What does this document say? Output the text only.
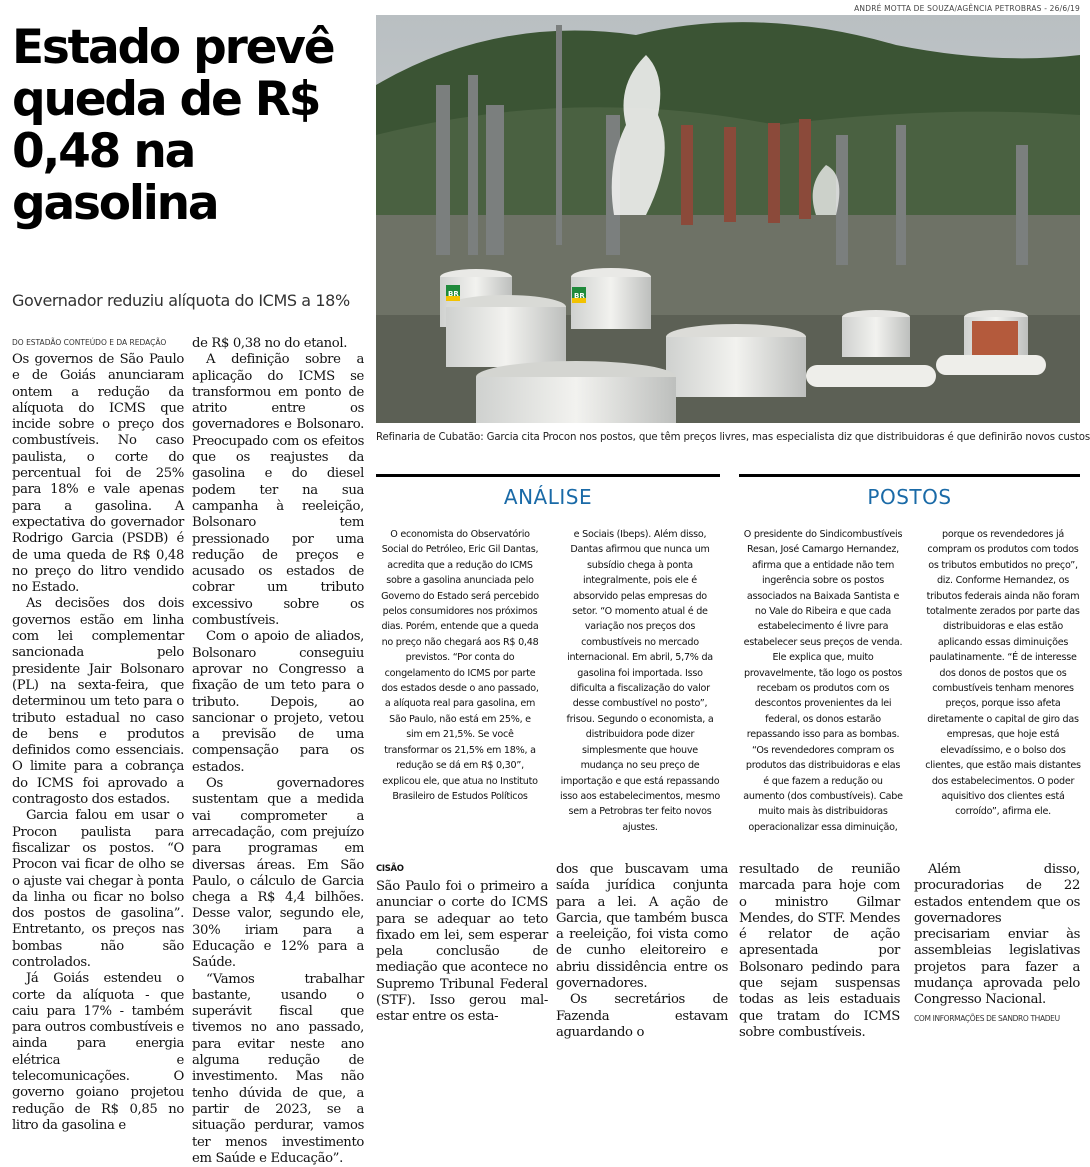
Estado prevê queda de R$ 0,48 na gasolina
Governador reduziu alíquota do ICMS a 18%
ANDRÉ MOTTA DE SOUZA/AGÊNCIA PETROBRAS - 26/6/19
BR	BR
Refinaria de Cubatão: Garcia cita Procon nos postos, que têm preços livres, mas especialista diz que distribuidoras é que definirão novos custos
DO ESTADÃO CONTEÚDO E DA REDAÇÃO

Os governos de São Paulo e de Goiás anunciaram ontem a redução da alíquota do ICMS que incide sobre o preço dos combustíveis. No caso paulista, o corte do percentual foi de 25% para 18% e vale apenas para a gasolina. A expectativa do governador Rodrigo Garcia (PSDB) é de uma queda de R$ 0,48 no preço do litro vendido no Estado.

As decisões dos dois governos estão em linha com lei complementar sancionada pelo presidente Jair Bolsonaro (PL) na sexta-feira, que determinou um teto para o tributo estadual no caso de bens e produtos definidos como essenciais. O limite para a cobrança do ICMS foi aprovado a contragosto dos estados.

Garcia falou em usar o Procon paulista para fiscalizar os postos. “O Procon vai ficar de olho se o ajuste vai chegar à ponta da linha ou ficar no bolso dos postos de gasolina”. Entretanto, os preços nas bombas não são controlados.

Já Goiás estendeu o corte da alíquota - que caiu para 17% - também para outros combustíveis e ainda para energia elétrica e telecomunicações. O governo goiano projetou redução de R$ 0,85 no litro da gasolina e

de R$ 0,38 no do etanol.

A definição sobre a aplicação do ICMS se transformou em ponto de atrito entre os governadores e Bolsonaro. Preocupado com os efeitos que os reajustes da gasolina e do diesel podem ter na sua campanha à reeleição, Bolsonaro tem pressionado por uma redução de preços e acusado os estados de cobrar um tributo excessivo sobre os combustíveis.

Com o apoio de aliados, Bolsonaro conseguiu aprovar no Congresso a fixação de um teto para o tributo. Depois, ao sancionar o projeto, vetou a previsão de uma compensação para os estados.

Os governadores sustentam que a medida vai comprometer a arrecadação, com prejuízo para programas em diversas áreas. Em São Paulo, o cálculo de Garcia chega a R$ 4,4 bilhões. Desse valor, segundo ele, 30% iriam para a Educação e 12% para a Saúde.

“Vamos trabalhar bastante, usando o superávit fiscal que tivemos no ano passado, para evitar neste ano alguma redução de investimento. Mas não tenho dúvida de que, a partir de 2023, se a situação perdurar, vamos ter menos investimento em Saúde e Educação”.

ANÁLISE
O economista do Observatório Social do Petróleo, Eric Gil Dantas, acredita que a redução do ICMS sobre a gasolina anunciada pelo Governo do Estado será percebido pelos consumidores nos próximos dias. Porém, entende que a queda no preço não chegará aos R$ 0,48 previstos. “Por conta do congelamento do ICMS por parte dos estados desde o ano passado, a alíquota real para gasolina, em São Paulo, não está em 25%, e sim em 21,5%. Se você transformar os 21,5% em 18%, a redução se dá em R$ 0,30”, explicou ele, que atua no Instituto Brasileiro de Estudos Políticos
e Sociais (Ibeps). Além disso, Dantas afirmou que nunca um subsídio chega à ponta integralmente, pois ele é absorvido pelas empresas do setor. “O momento atual é de variação nos preços dos combustíveis no mercado internacional. Em abril, 5,7% da gasolina foi importada. Isso dificulta a fiscalização do valor desse combustível no posto”, frisou. Segundo o economista, a distribuidora pode dizer simplesmente que houve mudança no seu preço de importação e que está repassando isso aos estabelecimentos, mesmo sem a Petrobras ter feito novos ajustes.
POSTOS
O presidente do Sindicombustíveis Resan, José Camargo Hernandez, afirma que a entidade não tem ingerência sobre os postos associados na Baixada Santista e no Vale do Ribeira e que cada estabelecimento é livre para estabelecer seus preços de venda. Ele explica que, muito provavelmente, tão logo os postos recebam os produtos com os descontos provenientes da lei federal, os donos estarão repassando isso para as bombas. “Os revendedores compram os produtos das distribuidoras e elas é que fazem a redução ou aumento (dos combustíveis). Cabe muito mais às distribuidoras operacionalizar essa diminuição,
porque os revendedores já compram os produtos com todos os tributos embutidos no preço”, diz. Conforme Hernandez, os tributos federais ainda não foram totalmente zerados por parte das distribuidoras e elas estão aplicando essas diminuições paulatinamente. “É de interesse dos donos de postos que os combustíveis tenham menores preços, porque isso afeta diretamente o capital de giro das empresas, que hoje está elevadíssimo, e o bolso dos clientes, que estão mais distantes dos estabelecimentos. O poder aquisitivo dos clientes está corroído”, afirma ele.
CISÃO

São Paulo foi o primeiro a anunciar o corte do ICMS para se adequar ao teto fixado em lei, sem esperar pela conclusão de mediação que acontece no Supremo Tribunal Federal (STF). Isso gerou mal-estar entre os esta-

dos que buscavam uma saída jurídica conjunta para a lei. A ação de Garcia, que também busca a reeleição, foi vista como de cunho eleitoreiro e abriu dissidência entre os governadores.

Os secretários de Fazenda estavam aguardando o

resultado de reunião marcada para hoje com o ministro Gilmar Mendes, do STF. Mendes é relator de ação apresentada por Bolsonaro pedindo para que sejam suspensas todas as leis estaduais que tratam do ICMS sobre combustíveis.

Além disso, procuradorias de 22 estados entendem que os governadores precisariam enviar às assembleias legislativas projetos para fazer a mudança aprovada pelo Congresso Nacional.

COM INFORMAÇÕES DE SANDRO THADEU
